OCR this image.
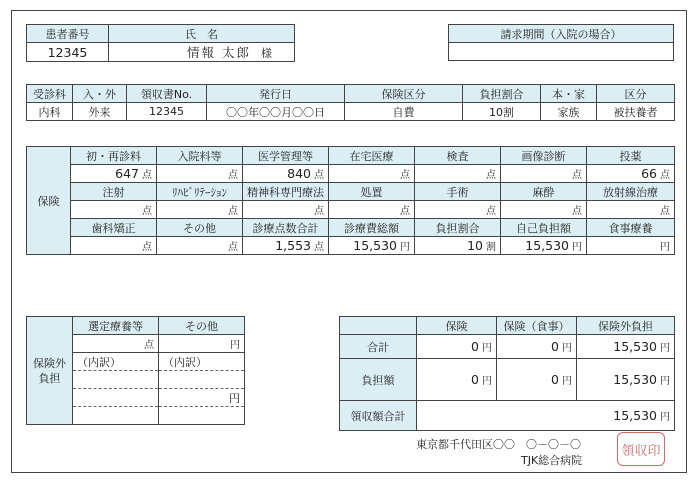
患者番号	氏　名
12345	情報 太郎 様
請求期間（入院の場合）

受診科	入・外	領収書No.	発行日	保険区分	負担割合	本・家	区分
内科	外来	12345	〇〇年〇〇月〇〇日	自費	10割	家族	被扶養者
保険	初・再診料	入院料等	医学管理等	在宅医療	検査	画像診断	投薬
	647 点	点	840 点	点	点	点	66 点
	注射	ﾘﾊﾋﾞﾘﾃｰｼｮﾝ	精神科専門療法	処置	手術	麻酔	放射線治療
	点	点	点	点	点	点	点
	歯科矯正	その他	診療点数合計	診療費総額	負担割合	自己負担額	食事療養
	点	点	1,553 点	15,530 円	10 割	15,530 円	円
保険外
負担	選定療養等	その他
	点	円
	（内訳）	（内訳）

		円

	保険	保険（食事）	保険外負担
合計	0 円	0 円	15,530 円
負担額	0 円	0 円	15,530 円
領収額合計	15,530 円		
東京都千代田区〇〇　〇－〇－〇
TJK総合病院
領収印
